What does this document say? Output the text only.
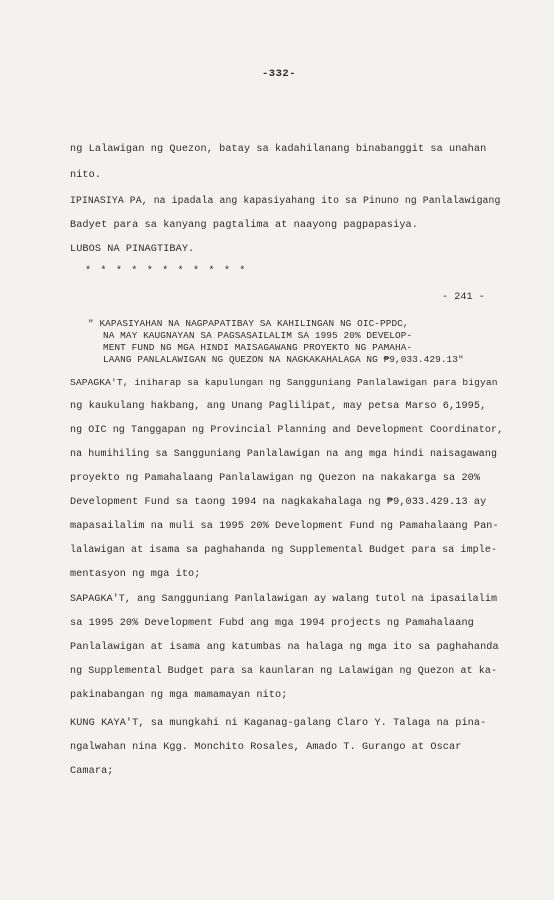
-332-
ng Lalawigan ng Quezon, batay sa kadahilanang binabanggit sa unahan
nito.
IPINASIYA PA, na ipadala ang kapasiyahang ito sa Pinuno ng Panlalawigang
Badyet para sa kanyang pagtalima at naayong pagpapasiya.
LUBOS NA PINAGTIBAY.
* * * * * * * * * * *
- 241 -
" KAPASIYAHAN NA NAGPAPATIBAY SA KAHILINGAN NG OIC-PPDC,
NA MAY KAUGNAYAN SA PAGSASAILALIM SA 1995 20% DEVELOP-
MENT FUND NG MGA HINDI MAISAGAWANG PROYEKTO NG PAMAHA-
LAANG PANLALAWIGAN NG QUEZON NA NAGKAKAHALAGA NG ₱9,033.429.13"
SAPAGKA'T, iniharap sa kapulungan ng Sangguniang Panlalawigan para bigyan
ng kaukulang hakbang, ang Unang Paglilipat, may petsa Marso 6,1995,
ng OIC ng Tanggapan ng Provincial Planning and Development Coordinator,
na humihiling sa Sangguniang Panlalawigan na ang mga hindi naisagawang
proyekto ng Pamahalaang Panlalawigan ng Quezon na nakakarga sa 20%
Development Fund sa taong 1994 na nagkakahalaga ng ₱9,033.429.13 ay
mapasailalim na muli sa 1995 20% Development Fund ng Pamahalaang Pan-
lalawigan at isama sa paghahanda ng Supplemental Budget para sa imple-
mentasyon ng mga ito;
SAPAGKA'T, ang Sangguniang Panlalawigan ay walang tutol na ipasailalim
sa 1995 20% Development Fubd ang mga 1994 projects ng Pamahalaang
Panlalawigan at isama ang katumbas na halaga ng mga ito sa paghahanda
ng Supplemental Budget para sa kaunlaran ng Lalawigan ng Quezon at ka-
pakinabangan ng mga mamamayan nito;
KUNG KAYA'T, sa mungkahi ni Kaganag-galang Claro Y. Talaga na pina-
ngalwahan nina Kgg. Monchito Rosales, Amado T. Gurango at Oscar
Camara;
